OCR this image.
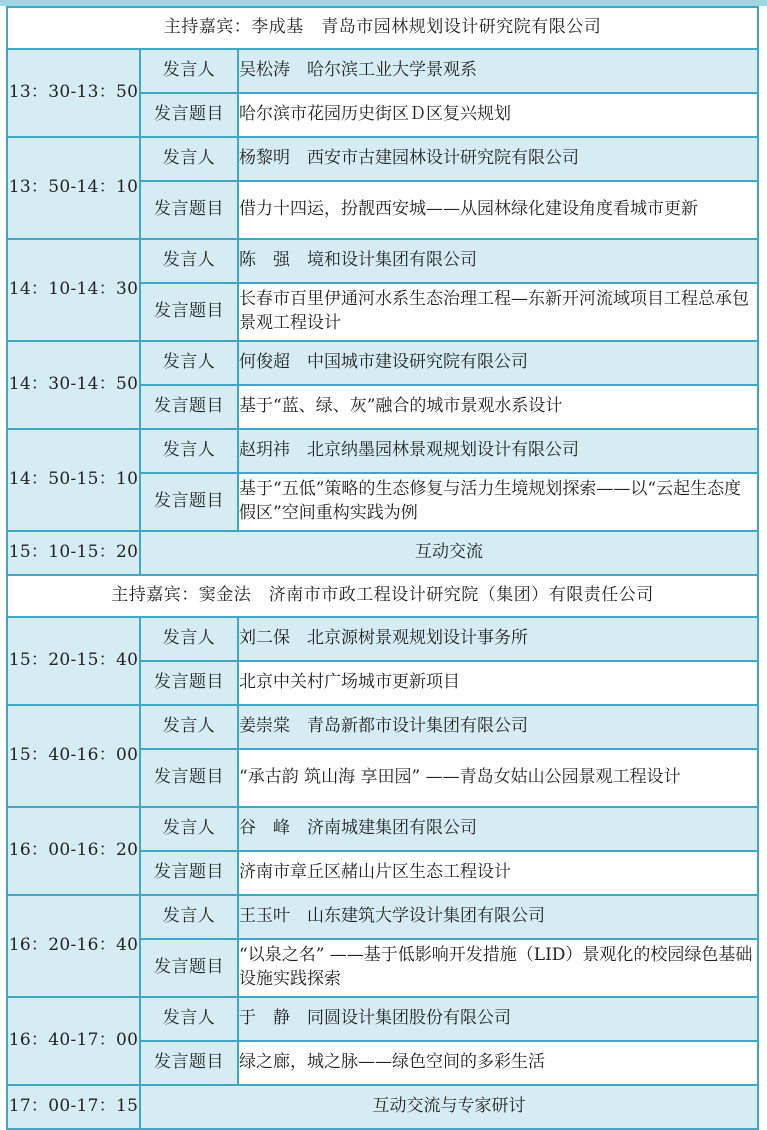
主持嘉宾：李成基　青岛市园林规划设计研究院有限公司		
13：30-13：50	发言人	吴松涛　哈尔滨工业大学景观系
	发言题目	哈尔滨市花园历史街区Ｄ区复兴规划
13：50-14：10	发言人	杨黎明　西安市古建园林设计研究院有限公司
	发言题目	借力十四运，扮靓西安城——从园林绿化建设角度看城市更新
14：10-14：30	发言人	陈　强　境和设计集团有限公司
	发言题目	长春市百里伊通河水系生态治理工程—东新开河流域项目工程总承包景观工程设计
14：30-14：50	发言人	何俊超　中国城市建设研究院有限公司
	发言题目	基于“蓝、绿、灰”融合的城市景观水系设计
14：50-15：10	发言人	赵玥祎　北京纳墨园林景观规划设计有限公司
	发言题目	基于“五低”策略的生态修复与活力生境规划探索——以“云起生态度假区”空间重构实践为例
15：10-15：20	互动交流	
主持嘉宾：窦金法　济南市市政工程设计研究院（集团）有限责任公司		
15：20-15：40	发言人	刘二保　北京源树景观规划设计事务所
	发言题目	北京中关村广场城市更新项目
15：40-16：00	发言人	姜崇棠　青岛新都市设计集团有限公司
	发言题目	“承古韵 筑山海 享田园” ——青岛女姑山公园景观工程设计
16：00-16：20	发言人	谷　峰　济南城建集团有限公司
	发言题目	济南市章丘区赭山片区生态工程设计
16：20-16：40	发言人	王玉叶　山东建筑大学设计集团有限公司
	发言题目	“以泉之名” ——基于低影响开发措施（LID）景观化的校园绿色基础设施实践探索
16：40-17：00	发言人	于　静　同圆设计集团股份有限公司
	发言题目	绿之廊，城之脉——绿色空间的多彩生活
17：00-17：15	互动交流与专家研讨	
